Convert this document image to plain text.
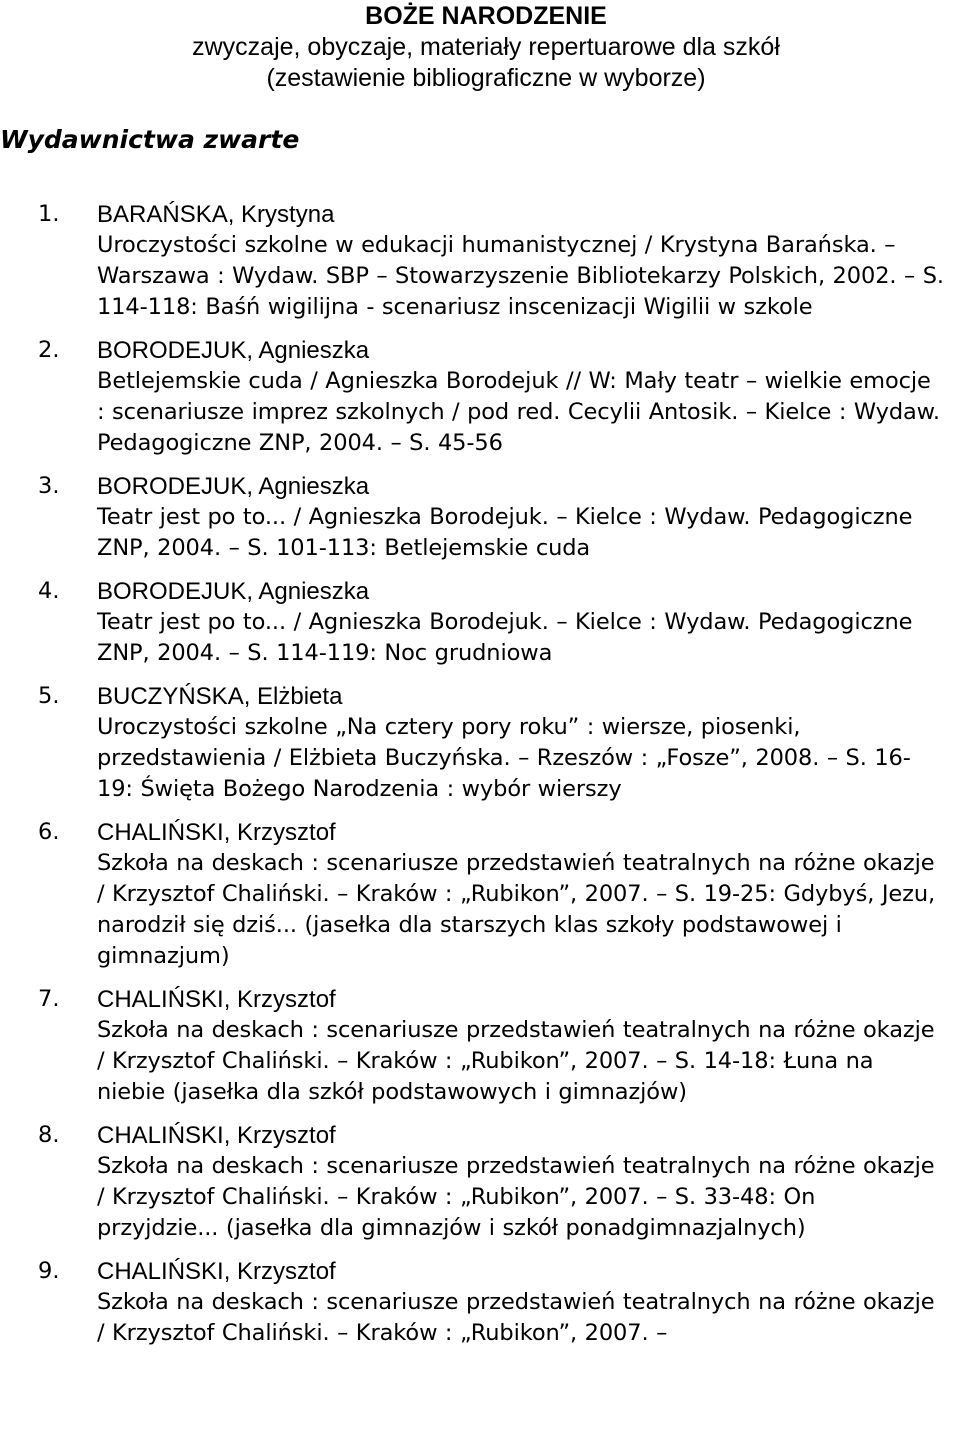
BOŻE NARODZENIE
zwyczaje, obyczaje, materiały repertuarowe dla szkół
(zestawienie bibliograficzne w wyborze)
Wydawnictwa zwarte
1. BARAŃSKA, Krystyna
Uroczystości szkolne w edukacji humanistycznej / Krystyna Barańska. – Warszawa : Wydaw. SBP – Stowarzyszenie Bibliotekarzy Polskich, 2002. – S. 114-118: Baśń wigilijna - scenariusz inscenizacji Wigilii w szkole
2. BORODEJUK, Agnieszka
Betlejemskie cuda / Agnieszka Borodejuk // W: Mały teatr – wielkie emocje : scenariusze imprez szkolnych / pod red. Cecylii Antosik. – Kielce : Wydaw. Pedagogiczne ZNP, 2004. – S. 45-56
3. BORODEJUK, Agnieszka
Teatr jest po to... / Agnieszka Borodejuk. – Kielce : Wydaw. Pedagogiczne ZNP, 2004. – S. 101-113: Betlejemskie cuda
4. BORODEJUK, Agnieszka
Teatr jest po to... / Agnieszka Borodejuk. – Kielce : Wydaw. Pedagogiczne ZNP, 2004. – S. 114-119: Noc grudniowa
5. BUCZYŃSKA, Elżbieta
Uroczystości szkolne „Na cztery pory roku” : wiersze, piosenki, przedstawienia / Elżbieta Buczyńska. – Rzeszów : „Fosze”, 2008. – S. 16-19: Święta Bożego Narodzenia : wybór wierszy
6. CHALIŃSKI, Krzysztof
Szkoła na deskach : scenariusze przedstawień teatralnych na różne okazje / Krzysztof Chaliński. – Kraków : „Rubikon”, 2007. – S. 19-25: Gdybyś, Jezu, narodził się dziś... (jasełka dla starszych klas szkoły podstawowej i gimnazjum)
7. CHALIŃSKI, Krzysztof
Szkoła na deskach : scenariusze przedstawień teatralnych na różne okazje / Krzysztof Chaliński. – Kraków : „Rubikon”, 2007. – S. 14-18: Łuna na niebie (jasełka dla szkół podstawowych i gimnazjów)
8. CHALIŃSKI, Krzysztof
Szkoła na deskach : scenariusze przedstawień teatralnych na różne okazje / Krzysztof Chaliński. – Kraków : „Rubikon”, 2007. – S. 33-48: On przyjdzie... (jasełka dla gimnazjów i szkół ponadgimnazjalnych)
9. CHALIŃSKI, Krzysztof
Szkoła na deskach : scenariusze przedstawień teatralnych na różne okazje / Krzysztof Chaliński. – Kraków : „Rubikon”, 2007. –
